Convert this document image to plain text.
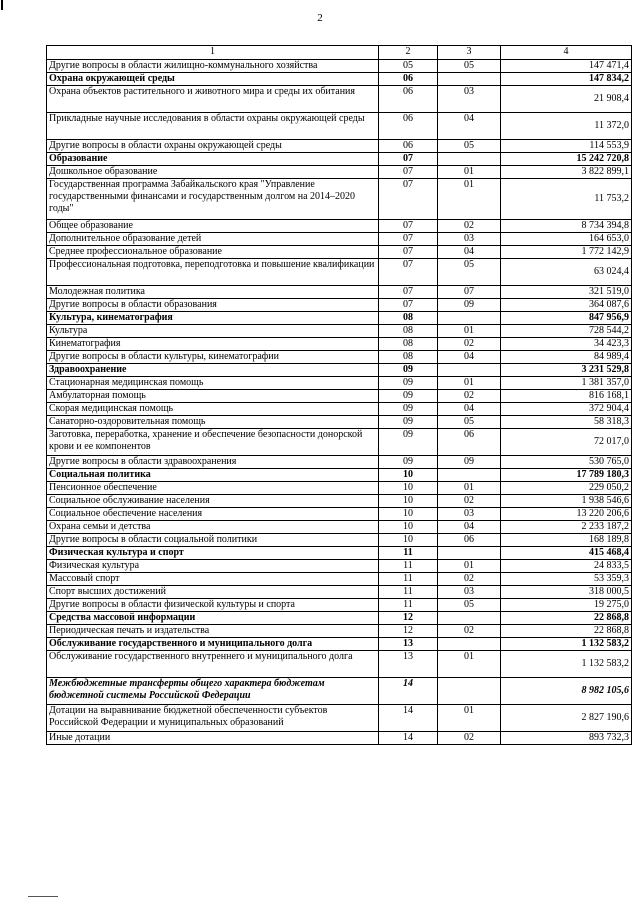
2
1	2	3	4
Другие вопросы в области жилищно-коммунального хозяйства	05	05	147 471,4
Охрана окружающей среды	06		147 834,2
Охрана объектов растительного и животного мира и среды их обитания	06	03	21 908,4
Прикладные научные исследования в области охраны окружающей среды	06	04	11 372,0
Другие вопросы в области охраны окружающей среды	06	05	114 553,9
Образование	07		15 242 720,8
Дошкольное образование	07	01	3 822 899,1
Государственная программа Забайкальского края "Управление государственными финансами и государственным долгом на 2014–2020 годы"	07	01	11 753,2
Общее образование	07	02	8 734 394,8
Дополнительное образование детей	07	03	164 653,0
Среднее профессиональное образование	07	04	1 772 142,9
Профессиональная подготовка, переподготовка и повышение квалификации	07	05	63 024,4
Молодежная политика	07	07	321 519,0
Другие вопросы в области образования	07	09	364 087,6
Культура, кинематография	08		847 956,9
Культура	08	01	728 544,2
Кинематография	08	02	34 423,3
Другие вопросы в области культуры, кинематографии	08	04	84 989,4
Здравоохранение	09		3 231 529,8
Стационарная медицинская помощь	09	01	1 381 357,0
Амбулаторная помощь	09	02	816 168,1
Скорая медицинская помощь	09	04	372 904,4
Санаторно-оздоровительная помощь	09	05	58 318,3
Заготовка, переработка, хранение и обеспечение безопасности донорской крови и ее компонентов	09	06	72 017,0
Другие вопросы в области здравоохранения	09	09	530 765,0
Социальная политика	10		17 789 180,3
Пенсионное обеспечение	10	01	229 050,2
Социальное обслуживание населения	10	02	1 938 546,6
Социальное обеспечение населения	10	03	13 220 206,6
Охрана семьи и детства	10	04	2 233 187,2
Другие вопросы в области социальной политики	10	06	168 189,8
Физическая культура и спорт	11		415 468,4
Физическая культура	11	01	24 833,5
Массовый спорт	11	02	53 359,3
Спорт высших достижений	11	03	318 000,5
Другие вопросы в области физической культуры и спорта	11	05	19 275,0
Средства массовой информации	12		22 868,8
Периодическая печать и издательства	12	02	22 868,8
Обслуживание государственного и муниципального долга	13		1 132 583,2
Обслуживание государственного внутреннего и муниципального долга	13	01	1 132 583,2
Межбюджетные трансферты общего характера бюджетам бюджетной системы Российской Федерации	14		8 982 105,6
Дотации на выравнивание бюджетной обеспеченности субъектов Российской Федерации и муниципальных образований	14	01	2 827 190,6
Иные дотации	14	02	893 732,3
